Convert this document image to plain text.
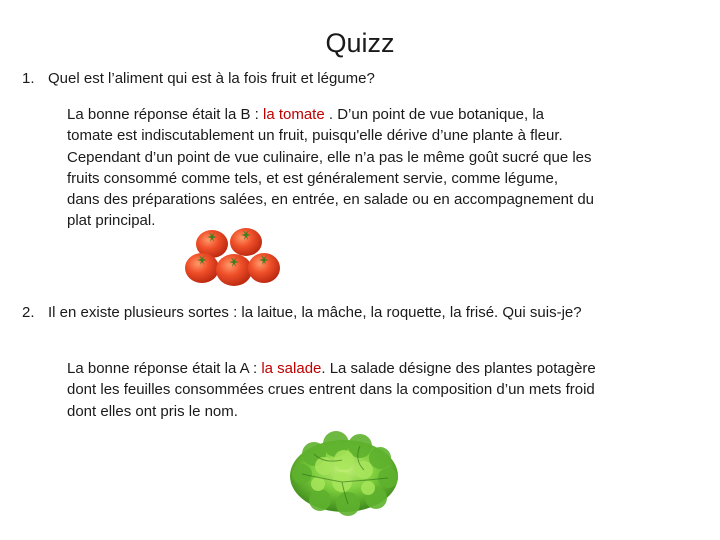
Quizz
1. Quel est l’aliment qui est à la fois fruit et légume?
La bonne réponse était la B : la tomate . D’un point de vue botanique, la
tomate est indiscutablement un fruit, puisqu'elle dérive d’une plante à fleur.
Cependant d’un point de vue culinaire, elle n’a pas le même goût sucré que les
fruits consommé comme tels, et est généralement servie, comme légume,
dans des préparations salées, en entrée, en salade ou en accompagnement du
plat principal.
2. Il en existe plusieurs sortes : la laitue, la mâche, la roquette, la frisé. Qui suis-je?
La bonne réponse était la A : la salade. La salade désigne des plantes potagère
dont les feuilles consommées crues entrent dans la composition d’un mets froid
dont elles ont pris le nom.
